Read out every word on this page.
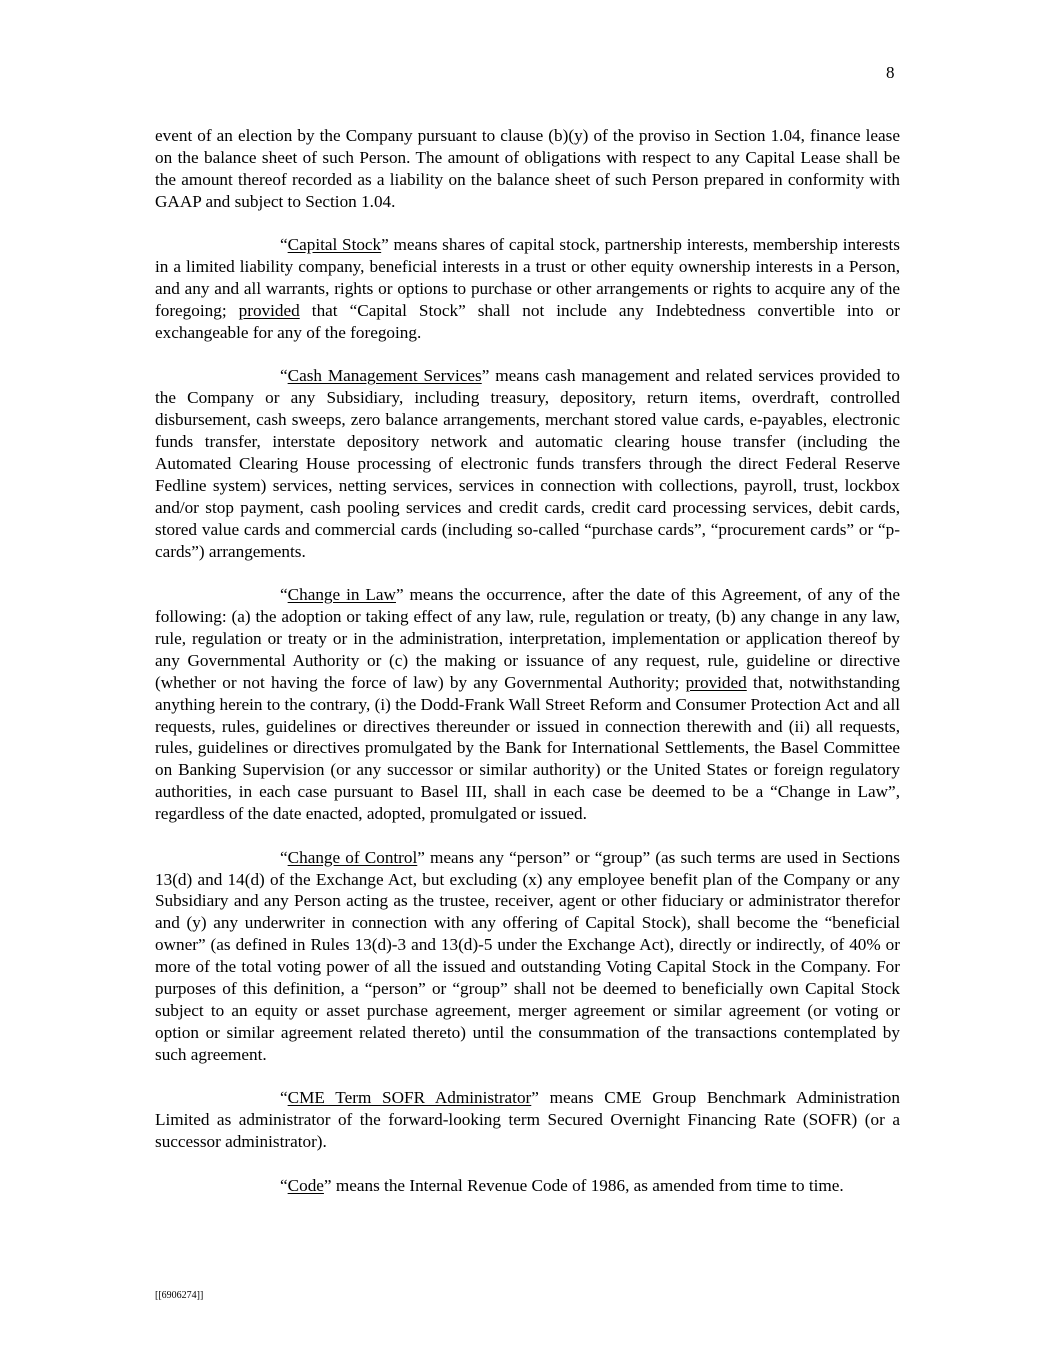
8

event of an election by the Company pursuant to clause (b)(y) of the proviso in Section 1.04, finance lease on the balance sheet of such Person. The amount of obligations with respect to any Capital Lease shall be the amount thereof recorded as a liability on the balance sheet of such Person prepared in conformity with GAAP and subject to Section 1.04.

“Capital Stock” means shares of capital stock, partnership interests, membership interests in a limited liability company, beneficial interests in a trust or other equity ownership interests in a Person, and any and all warrants, rights or options to purchase or other arrangements or rights to acquire any of the foregoing; provided that “Capital Stock” shall not include any Indebtedness convertible into or exchangeable for any of the foregoing.

“Cash Management Services” means cash management and related services provided to the Company or any Subsidiary, including treasury, depository, return items, overdraft, controlled disbursement, cash sweeps, zero balance arrangements, merchant stored value cards, e-payables, electronic funds transfer, interstate depository network and automatic clearing house transfer (including the Automated Clearing House processing of electronic funds transfers through the direct Federal Reserve Fedline system) services, netting services, services in connection with collections, payroll, trust, lockbox and/or stop payment, cash pooling services and credit cards, credit card processing services, debit cards, stored value cards and commercial cards (including so-called “purchase cards”, “procurement cards” or “p-cards”) arrangements.

“Change in Law” means the occurrence, after the date of this Agreement, of any of the following: (a) the adoption or taking effect of any law, rule, regulation or treaty, (b) any change in any law, rule, regulation or treaty or in the administration, interpretation, implementation or application thereof by any Governmental Authority or (c) the making or issuance of any request, rule, guideline or directive (whether or not having the force of law) by any Governmental Authority; provided that, notwithstanding anything herein to the contrary, (i) the Dodd-Frank Wall Street Reform and Consumer Protection Act and all requests, rules, guidelines or directives thereunder or issued in connection therewith and (ii) all requests, rules, guidelines or directives promulgated by the Bank for International Settlements, the Basel Committee on Banking Supervision (or any successor or similar authority) or the United States or foreign regulatory authorities, in each case pursuant to Basel III, shall in each case be deemed to be a “Change in Law”, regardless of the date enacted, adopted, promulgated or issued.

“Change of Control” means any “person” or “group” (as such terms are used in Sections 13(d) and 14(d) of the Exchange Act, but excluding (x) any employee benefit plan of the Company or any Subsidiary and any Person acting as the trustee, receiver, agent or other fiduciary or administrator therefor and (y) any underwriter in connection with any offering of Capital Stock), shall become the “beneficial owner” (as defined in Rules 13(d)-3 and 13(d)-5 under the Exchange Act), directly or indirectly, of 40% or more of the total voting power of all the issued and outstanding Voting Capital Stock in the Company. For purposes of this definition, a “person” or “group” shall not be deemed to beneficially own Capital Stock subject to an equity or asset purchase agreement, merger agreement or similar agreement (or voting or option or similar agreement related thereto) until the consummation of the transactions contemplated by such agreement.

“CME Term SOFR Administrator” means CME Group Benchmark Administration Limited as administrator of the forward-looking term Secured Overnight Financing Rate (SOFR) (or a successor administrator).

“Code” means the Internal Revenue Code of 1986, as amended from time to time.

[[6906274]]
